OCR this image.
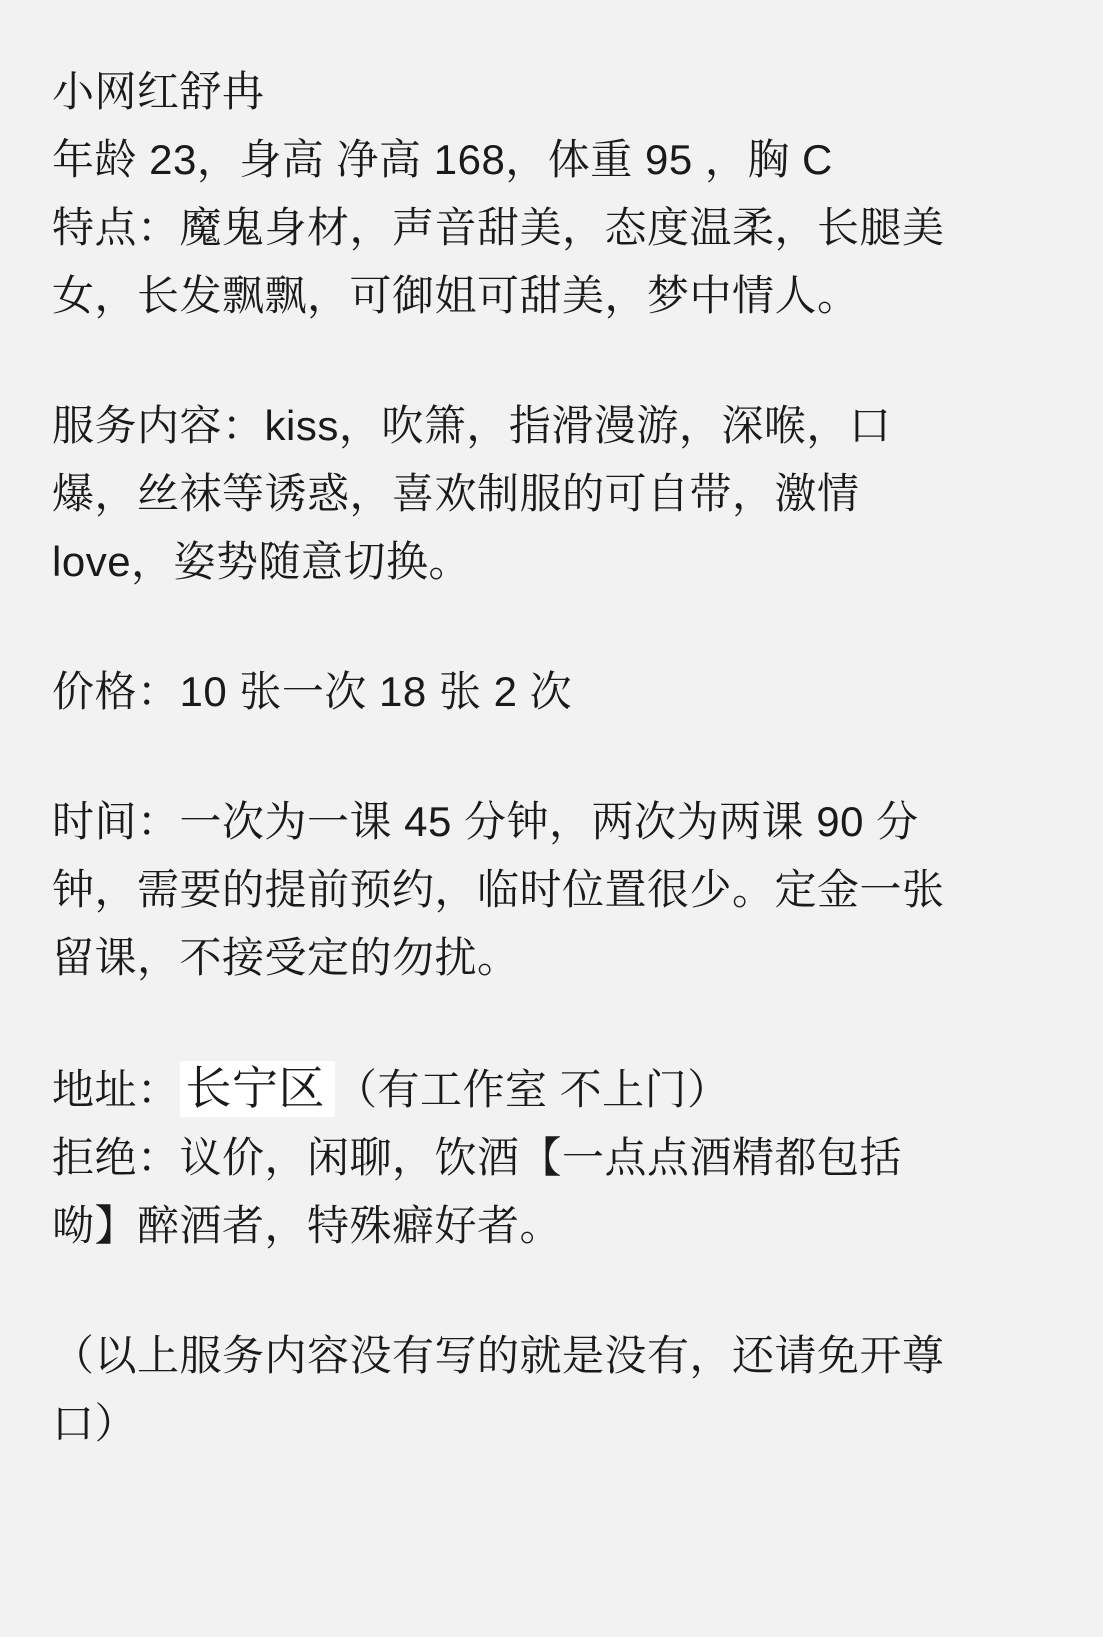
小网红舒冉
年龄 23，身高 净高 168，体重 95 ，胸 C
特点：魔鬼身材，声音甜美，态度温柔，长腿美
女，长发飘飘，可御姐可甜美，梦中情人。
服务内容：kiss，吹箫，指滑漫游，深喉，口
爆，丝袜等诱惑，喜欢制服的可自带，激情
love，姿势随意切换。
价格：10 张一次 18 张 2 次
时间：一次为一课 45 分钟，两次为两课 90 分
钟，需要的提前预约，临时位置很少。定金一张
留课，不接受定的勿扰。
地址： 长宁区 （有工作室 不上门）
拒绝：议价，闲聊，饮酒【一点点酒精都包括
呦】醉酒者，特殊癖好者。
（以上服务内容没有写的就是没有，还请免开尊
口）
